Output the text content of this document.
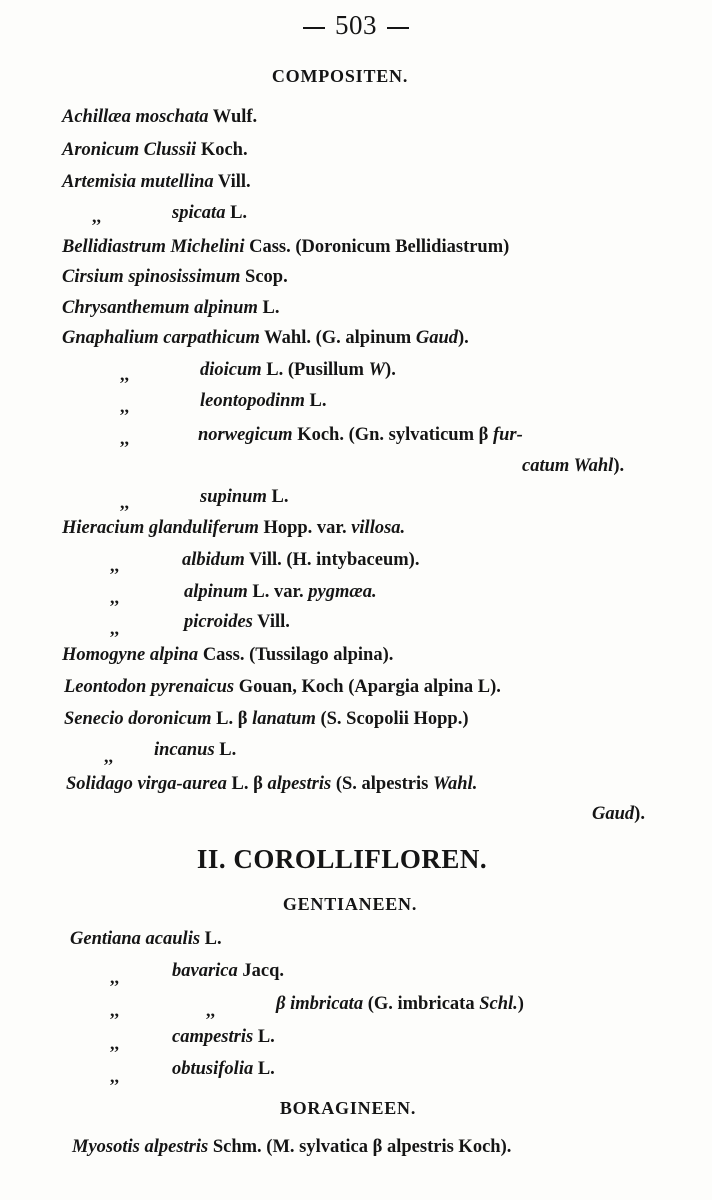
503
COMPOSITEN.
Achillæa moschata Wulf.
Aronicum Clussii Koch.
Artemisia mutellina Vill.
,,	spicata L.
Bellidiastrum Michelini Cass. (Doronicum Bellidiastrum)
Cirsium spinosissimum Scop.
Chrysanthemum alpinum L.
Gnaphalium carpathicum Wahl. (G. alpinum Gaud).
,,	dioicum L. (Pusillum W).
,,	leontopodinm L.
,,	norwegicum Koch. (Gn. sylvaticum β fur-
catum Wahl).
,,	supinum L.
Hieracium glanduliferum Hopp. var. villosa.
,,	albidum Vill. (H. intybaceum).
,,	alpinum L. var. pygmæa.
,,	picroides Vill.
Homogyne alpina Cass. (Tussilago alpina).
Leontodon pyrenaicus Gouan, Koch (Apargia alpina L).
Senecio doronicum L. β lanatum (S. Scopolii Hopp.)
,, incanus L.
Solidago virga-aurea L. β alpestris (S. alpestris Wahl.
Gaud).
II. COROLLIFLOREN.
GENTIANEEN.
Gentiana acaulis L.
,,	bavarica Jacq.
,,	,,	β imbricata (G. imbricata Schl.)
,,	campestris L.
,,	obtusifolia L.
BORAGINEEN.
Myosotis alpestris Schm. (M. sylvatica β alpestris Koch).
